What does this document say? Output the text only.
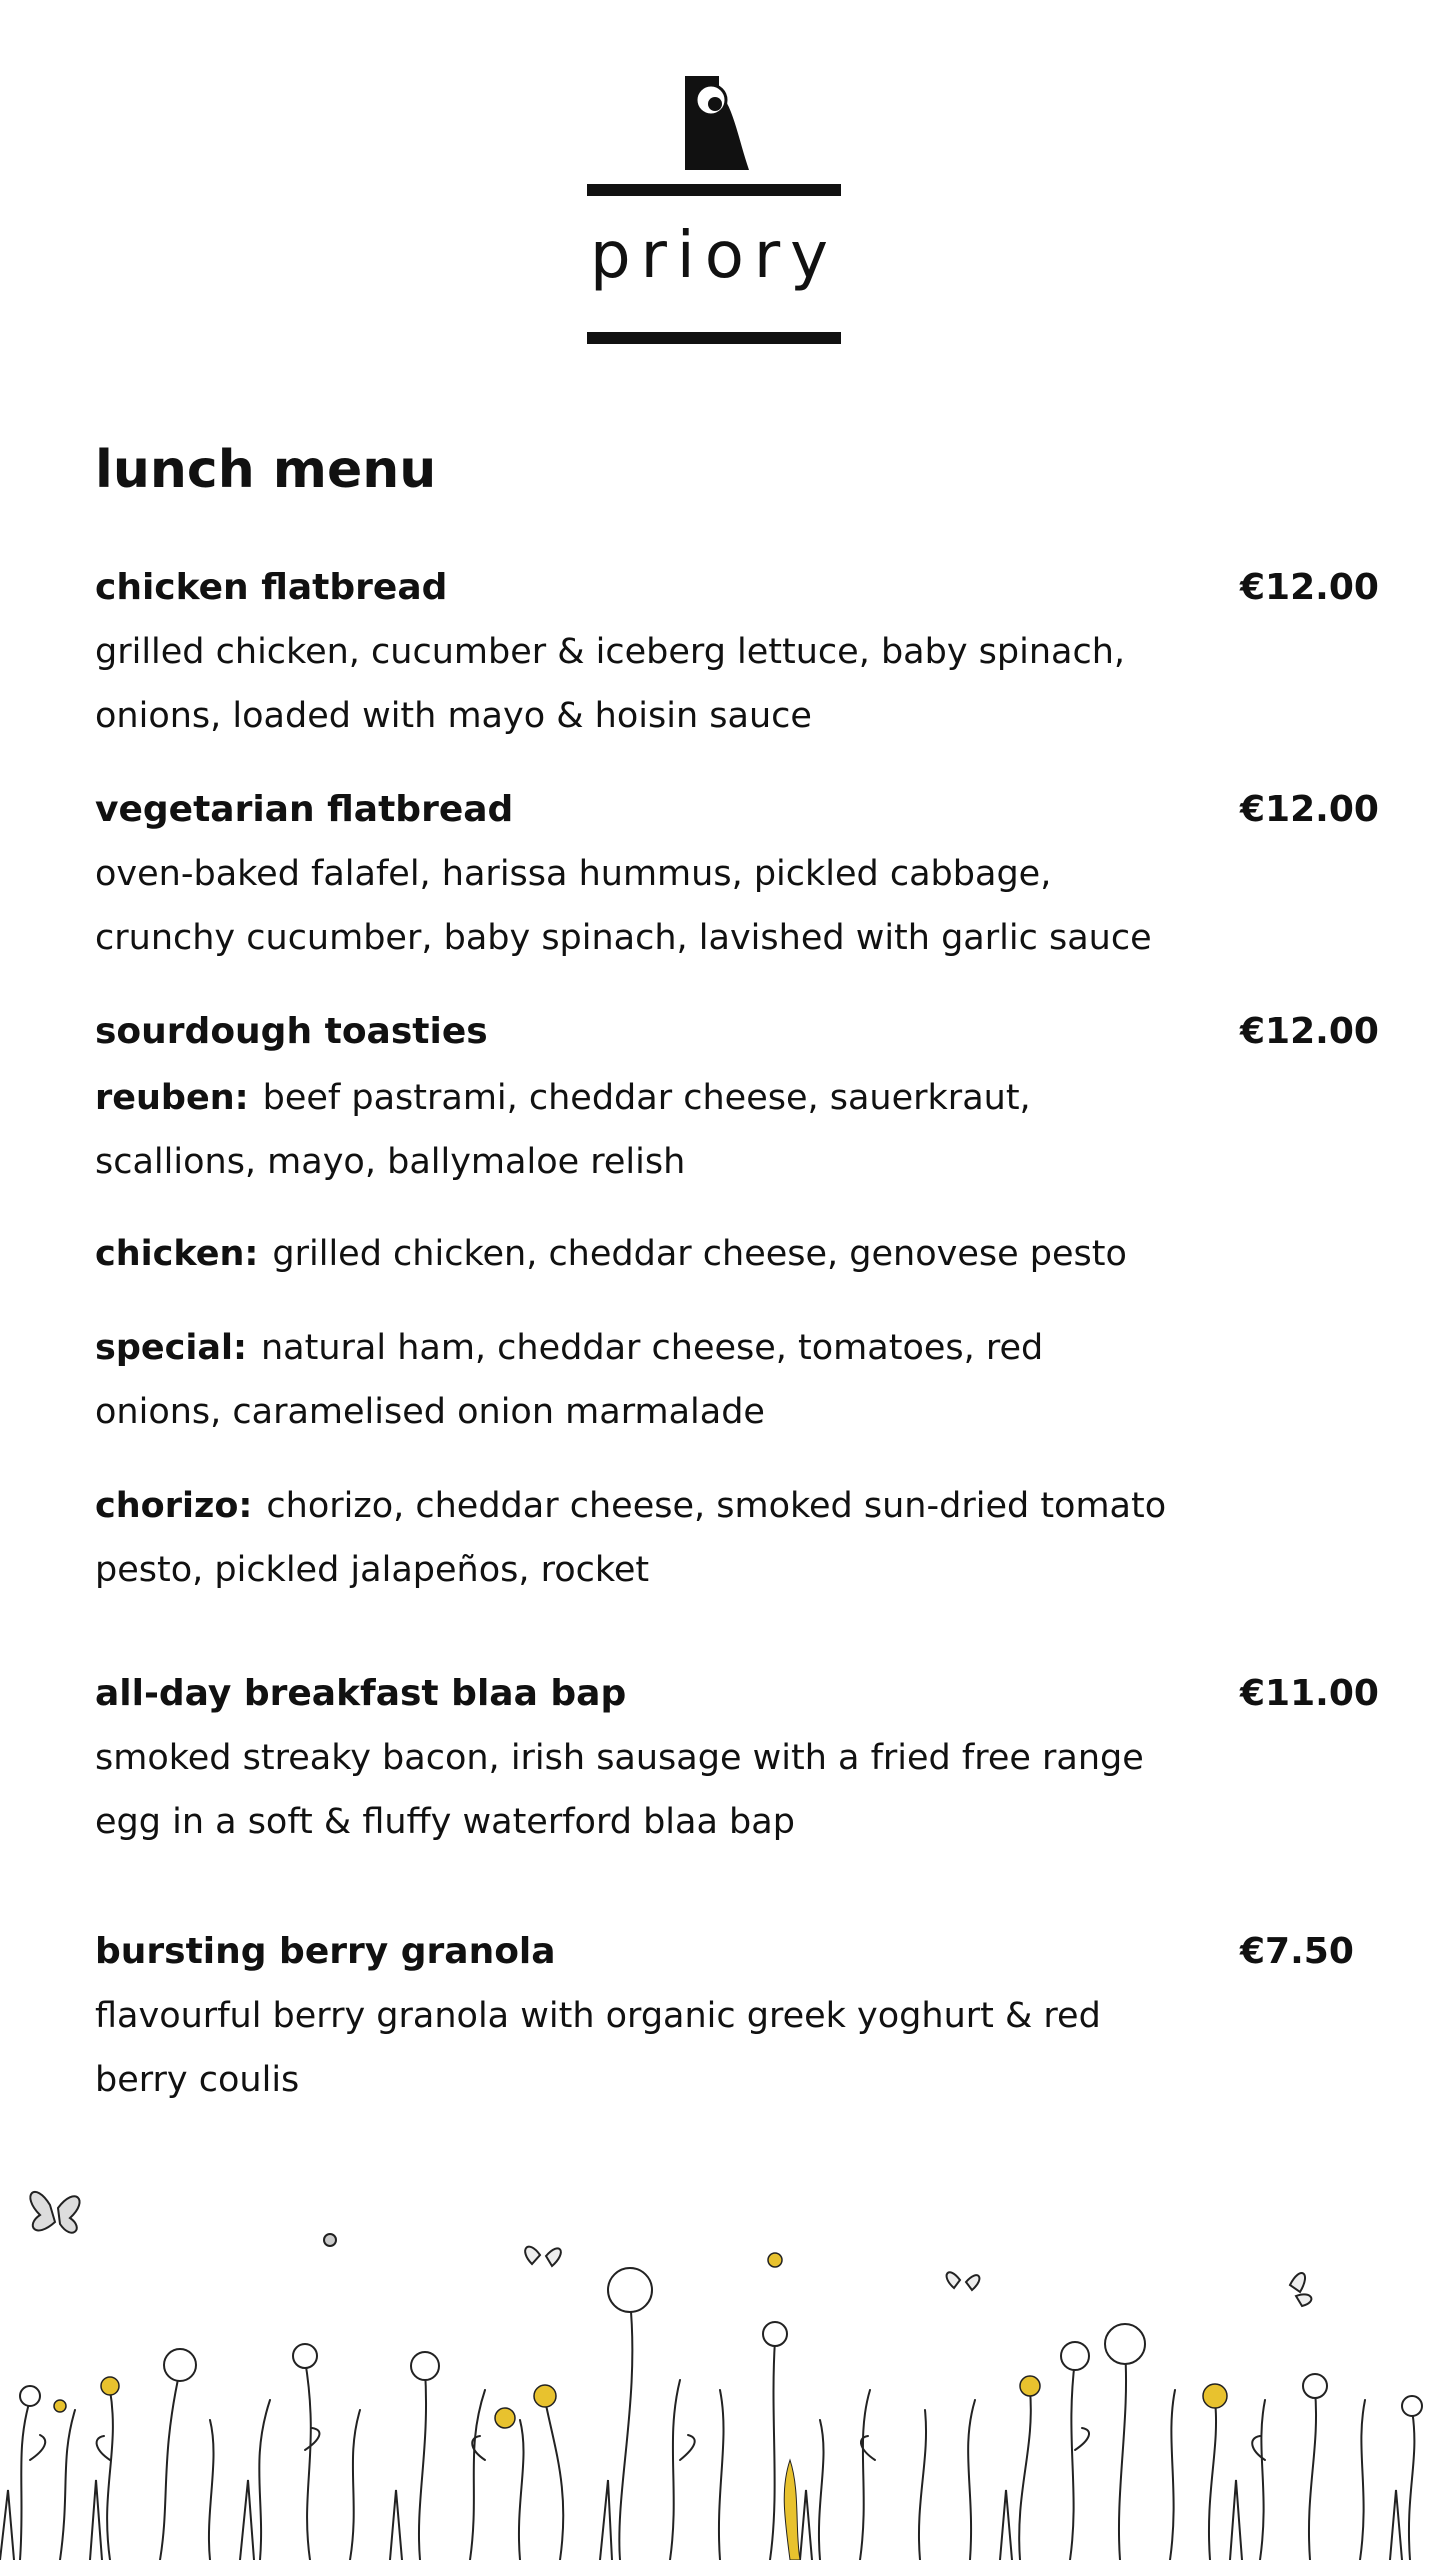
priory
lunch menu
chicken flatbread	€12.00
grilled chicken, cucumber & iceberg lettuce, baby spinach, onions, loaded with mayo & hoisin sauce
vegetarian flatbread	€12.00
oven-baked falafel, harissa hummus, pickled cabbage, crunchy cucumber, baby spinach, lavished with garlic sauce
sourdough toasties	€12.00
reuben: beef pastrami, cheddar cheese, sauerkraut, scallions, mayo, ballymaloe relish
chicken: grilled chicken, cheddar cheese, genovese pesto
special: natural ham, cheddar cheese, tomatoes, red onions, caramelised onion marmalade
chorizo: chorizo, cheddar cheese, smoked sun-dried tomato pesto, pickled jalapeños, rocket
all-day breakfast blaa bap	€11.00
smoked streaky bacon, irish sausage with a fried free range egg in a soft & fluffy waterford blaa bap
bursting berry granola	€7.50
flavourful berry granola with organic greek yoghurt & red berry coulis
